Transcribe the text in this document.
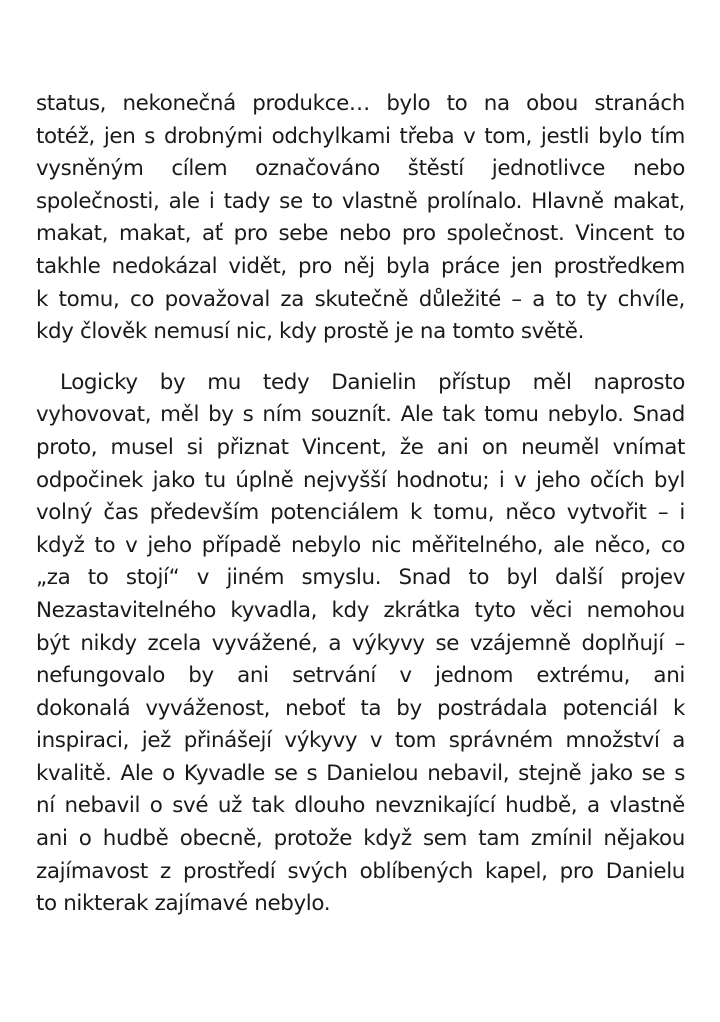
status, nekonečná produkce… bylo to na obou stranách
totéž, jen s drobnými odchylkami třeba v tom, jestli bylo tím
vysněným cílem označováno štěstí jednotlivce nebo
společnosti, ale i tady se to vlastně prolínalo. Hlavně makat,
makat, makat, ať pro sebe nebo pro společnost. Vincent to
takhle nedokázal vidět, pro něj byla práce jen prostředkem
k tomu, co považoval za skutečně důležité – a to ty chvíle,
kdy člověk nemusí nic, kdy prostě je na tomto světě.

Logicky by mu tedy Danielin přístup měl naprosto
vyhovovat, měl by s ním souznít. Ale tak tomu nebylo. Snad
proto, musel si přiznat Vincent, že ani on neuměl vnímat
odpočinek jako tu úplně nejvyšší hodnotu; i v jeho očích byl
volný čas především potenciálem k tomu, něco vytvořit – i
když to v jeho případě nebylo nic měřitelného, ale něco, co
„za to stojí“ v jiném smyslu. Snad to byl další projev
Nezastavitelného kyvadla, kdy zkrátka tyto věci nemohou
být nikdy zcela vyvážené, a výkyvy se vzájemně doplňují –
nefungovalo by ani setrvání v jednom extrému, ani
dokonalá vyváženost, neboť ta by postrádala potenciál k
inspiraci, jež přinášejí výkyvy v tom správném množství a
kvalitě. Ale o Kyvadle se s Danielou nebavil, stejně jako se s
ní nebavil o své už tak dlouho nevznikající hudbě, a vlastně
ani o hudbě obecně, protože když sem tam zmínil nějakou
zajímavost z prostředí svých oblíbených kapel, pro Danielu
to nikterak zajímavé nebylo.
